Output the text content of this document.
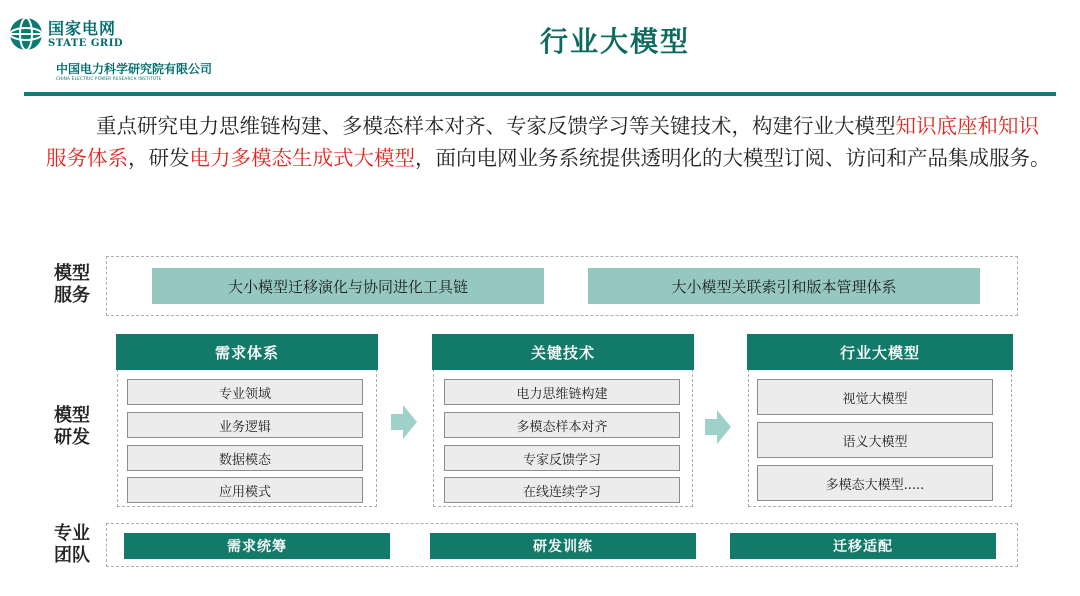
国家电网
STATE GRID
中国电力科学研究院有限公司
CHINA ELECTRIC POWER RESEARCH INSTITUTE
行业大模型

重点研究电力思维链构建、多模态样本对齐、专家反馈学习等关键技术，构建行业大模型知识底座和知识服务体系，研发电力多模态生成式大模型，面向电网业务系统提供透明化的大模型订阅、访问和产品集成服务。

模型服务
模型研发
专业团队
大小模型迁移演化与协同进化工具链	大小模型关联索引和版本管理体系
需求体系
专业领域
业务逻辑
数据模态
应用模式
关键技术
电力思维链构建
多模态样本对齐
专家反馈学习
在线连续学习
行业大模型
视觉大模型
语义大模型
多模态大模型.....
需求统筹	研发训练	迁移适配
